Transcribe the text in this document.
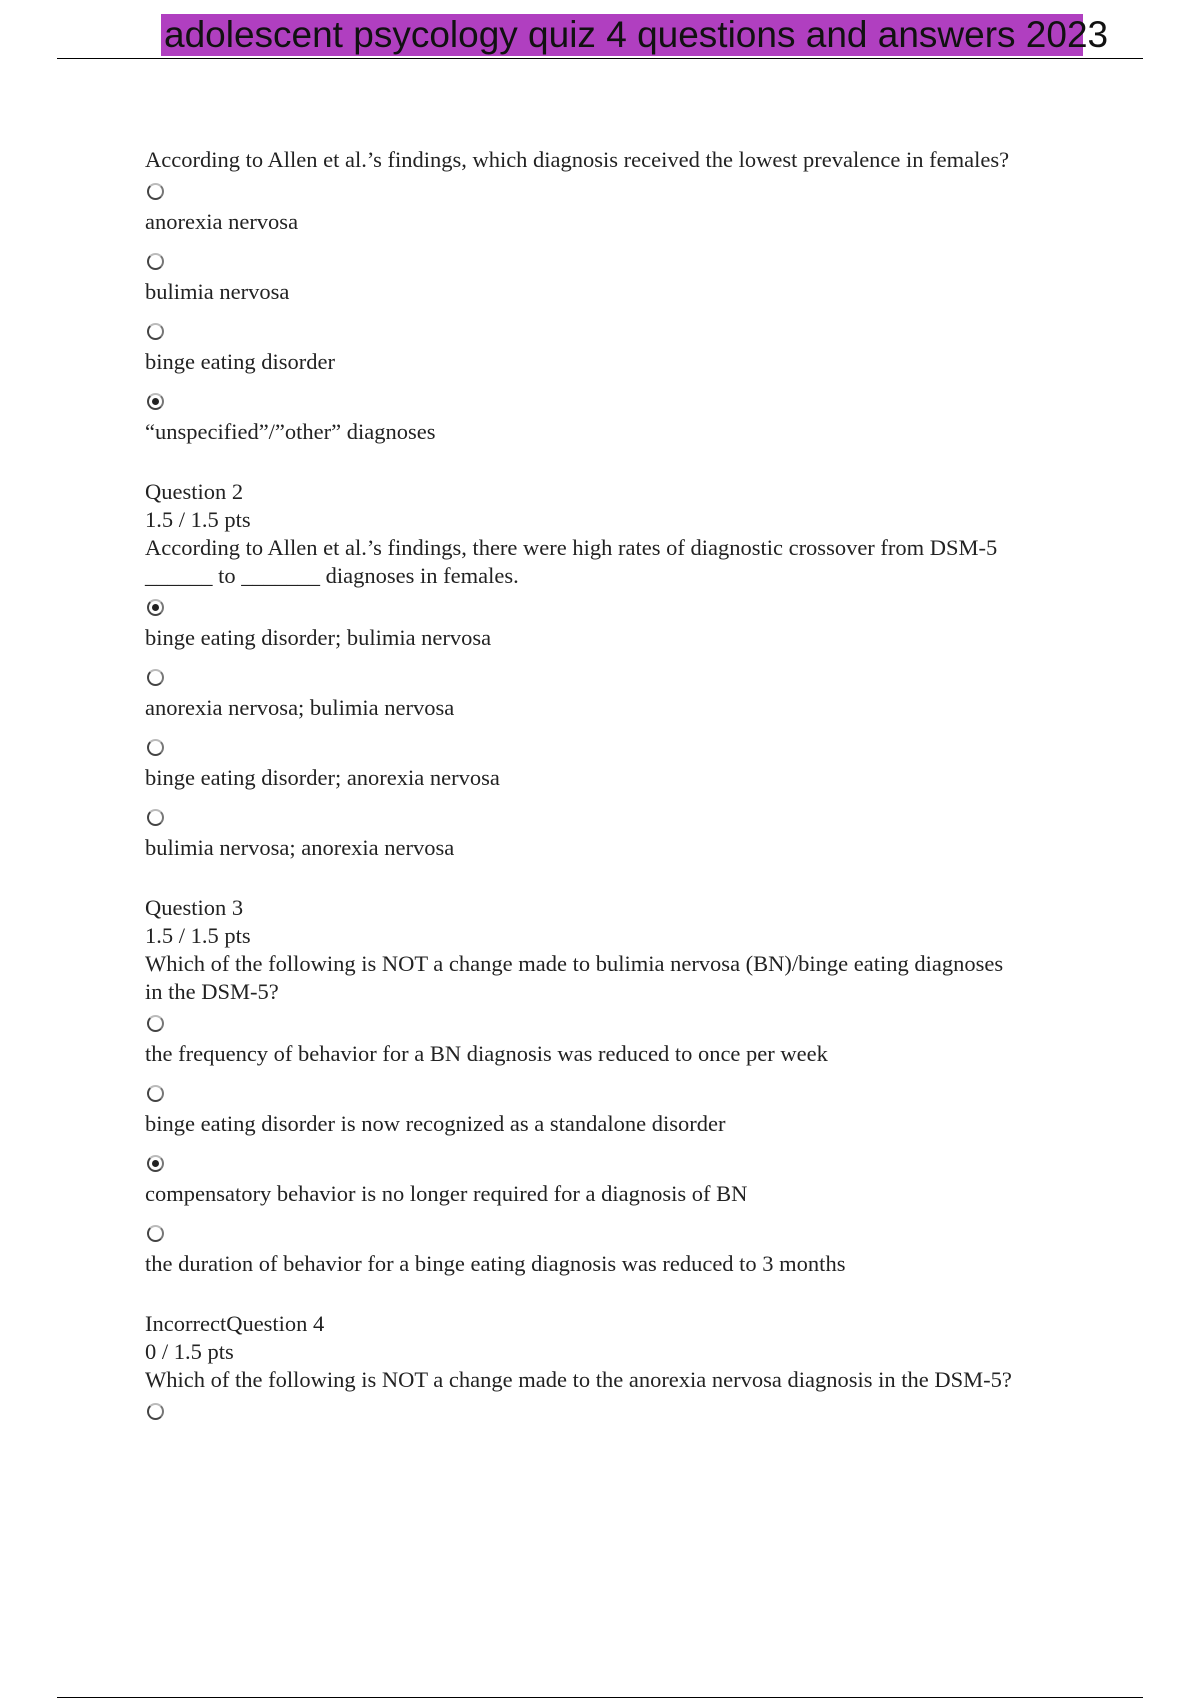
adolescent psycology quiz 4 questions and answers 2023
According to Allen et al.’s findings, which diagnosis received the lowest prevalence in females?
anorexia nervosa
bulimia nervosa
binge eating disorder
“unspecified”/”other” diagnoses
Question 2
1.5 / 1.5 pts
According to Allen et al.’s findings, there were high rates of diagnostic crossover from DSM-5
______ to _______ diagnoses in females.
binge eating disorder; bulimia nervosa
anorexia nervosa; bulimia nervosa
binge eating disorder; anorexia nervosa
bulimia nervosa; anorexia nervosa
Question 3
1.5 / 1.5 pts
Which of the following is NOT a change made to bulimia nervosa (BN)/binge eating diagnoses
in the DSM-5?
the frequency of behavior for a BN diagnosis was reduced to once per week
binge eating disorder is now recognized as a standalone disorder
compensatory behavior is no longer required for a diagnosis of BN
the duration of behavior for a binge eating diagnosis was reduced to 3 months
IncorrectQuestion 4
0 / 1.5 pts
Which of the following is NOT a change made to the anorexia nervosa diagnosis in the DSM-5?
